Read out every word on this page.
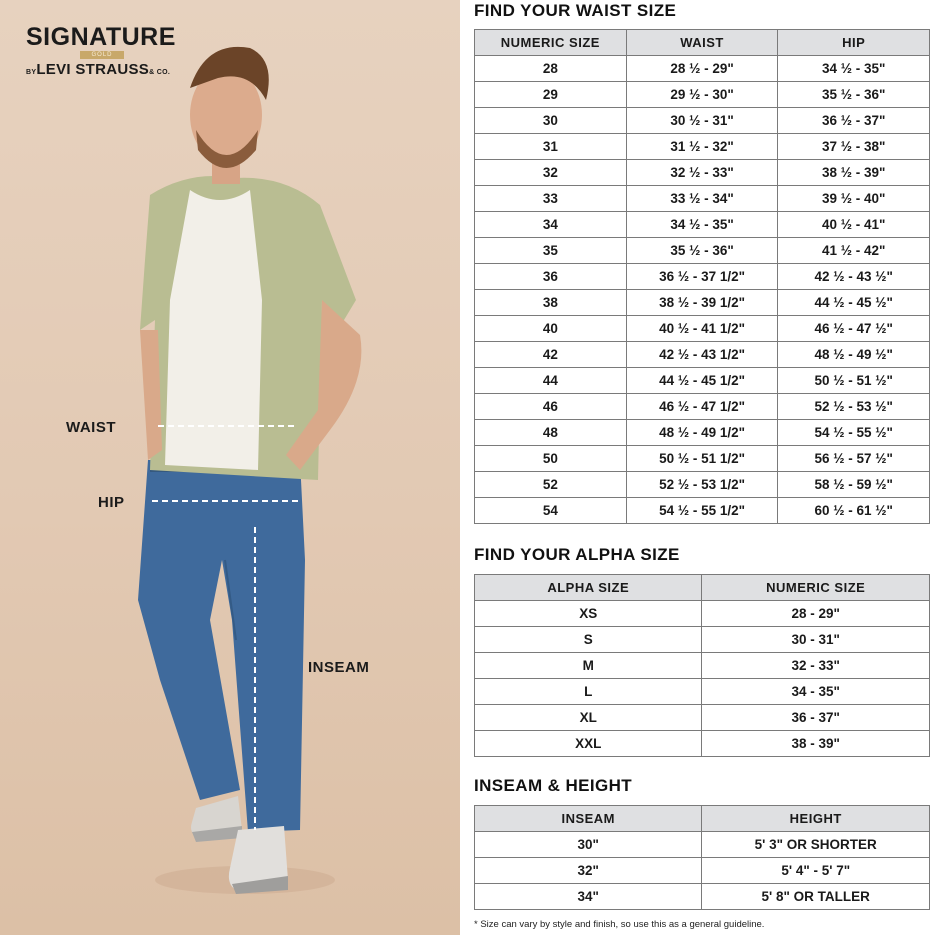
SIGNATURE
GOLD
BYLEVI STRAUSS& CO.
WAIST
HIP
INSEAM
FIND YOUR WAIST SIZE
NUMERIC SIZE	WAIST	HIP
28	28 ½ - 29"	34 ½ - 35"
29	29 ½ - 30"	35 ½ - 36"
30	30 ½ - 31"	36 ½ - 37"
31	31 ½ - 32"	37 ½ - 38"
32	32 ½ - 33"	38 ½ - 39"
33	33 ½ - 34"	39 ½ - 40"
34	34 ½ - 35"	40 ½ - 41"
35	35 ½ - 36"	41 ½ - 42"
36	36 ½ - 37 1/2"	42 ½ - 43 ½"
38	38 ½ - 39 1/2"	44 ½ - 45 ½"
40	40 ½ - 41 1/2"	46 ½ - 47 ½"
42	42 ½ - 43 1/2"	48 ½ - 49 ½"
44	44 ½ - 45 1/2"	50 ½ - 51 ½"
46	46 ½ - 47 1/2"	52 ½ - 53 ½"
48	48 ½ - 49 1/2"	54 ½ - 55 ½"
50	50 ½ - 51 1/2"	56 ½ - 57 ½"
52	52 ½ - 53 1/2"	58 ½ - 59 ½"
54	54 ½ - 55 1/2"	60 ½ - 61 ½"
FIND YOUR ALPHA SIZE
ALPHA SIZE	NUMERIC SIZE
XS	28 - 29"
S	30 - 31"
M	32 - 33"
L	34 - 35"
XL	36 - 37"
XXL	38 - 39"
INSEAM & HEIGHT
INSEAM	HEIGHT
30"	5' 3" OR SHORTER
32"	5' 4" - 5' 7"
34"	5' 8" OR TALLER
* Size can vary by style and finish, so use this as a general guideline.
